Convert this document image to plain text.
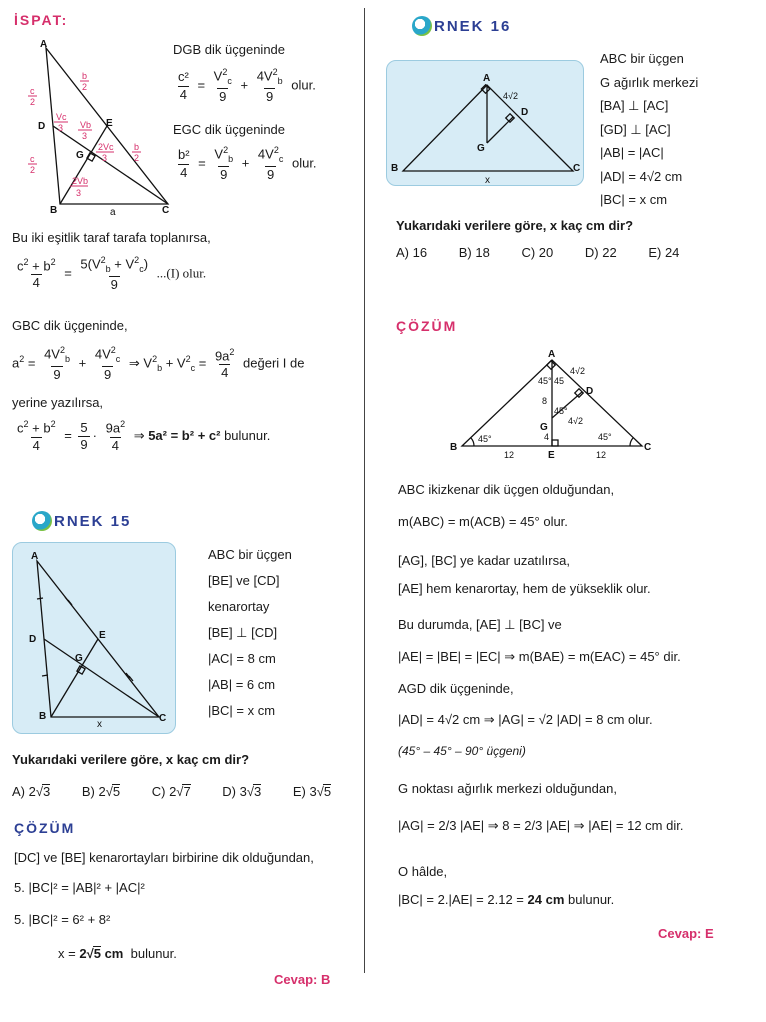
İSPAT:
A
B	C
D	E
G
a
c
2
c
2
b
2
b
2
Vc
3 Vb
3
2Vc
3
2Vb
3
DGB dik üçgeninde
$\frac{\text{c²}}{4} = \frac{V^2_c}{9} + \frac{4V^2_b}{9}$ olur.
EGC dik üçgeninde
$\frac{\text{b²}}{4} = \frac{V^2_b}{9} + \frac{4V^2_c}{9}$ olur.
Bu iki eşitlik taraf tarafa toplanırsa,
$\frac{c^2 + b^2}{4} = \frac{5(V^2_b + V^2_c)}{9} ...(I)$ olur.
GBC dik üçgeninde,
$a^2 = \frac{4V^2_b}{9} + \frac{4V^2_c}{9}$ ⇒ $V^2_b + V^2_c = \frac{9a^2}{4}$ değeri I de
yerine yazılırsa,
$\frac{c^2 + b^2}{4} = \frac{5}{9} \cdot \frac{9a^2}{4}$ ⇒ 5a² = b² + c² bulunur.
RNEK 15
A
B	C
D	E
G
x
ABC bir üçgen
[BE] ve [CD]
kenarortay
[BE] ⊥ [CD]
|AC| = 8 cm
|AB| = 6 cm
|BC| = x cm
Yukarıdaki verilere göre, x kaç cm dir?
A) 2√3 B) 2√5 C) 2√7 D) 3√3 E) 3√5
ÇÖZÜM
[DC] ve [BE] kenarortayları birbirine dik olduğundan,
5. |BC|² = |AB|² + |AC|²
5. |BC|² = 6² + 8²
x = 2√5 cm bulunur.
Cevap: B
RNEK 16
A
B	C
D
G
x
4√2
ABC bir üçgen
G ağırlık merkezi
[BA] ⊥ [AC]
[GD] ⊥ [AC]
|AB| = |AC|
|AD| = 4√2 cm
|BC| = x cm
Yukarıdaki verilere göre, x kaç cm dir?
A) 16 B) 18 C) 20 D) 22 E) 24
ÇÖZÜM
A
B	C
D
G
E
4√2
4√2
8
4
12	12
45°	45°
45° 45
45°
ABC ikizkenar dik üçgen olduğundan,
m(ABC) = m(ACB) = 45° olur.
[AG], [BC] ye kadar uzatılırsa,
[AE] hem kenarortay, hem de yükseklik olur.
Bu durumda, [AE] ⊥ [BC] ve
|AE| = |BE| = |EC| ⇒ m(BAE) = m(EAC) = 45° dir.
AGD dik üçgeninde,
|AD| = 4√2 cm ⇒ |AG| = √2 |AD| = 8 cm olur.
(45° – 45° – 90° üçgeni)
G noktası ağırlık merkezi olduğundan,
|AG| = 2/3 |AE| ⇒ 8 = 2/3 |AE| ⇒ |AE| = 12 cm dir.
O hâlde,
|BC| = 2.|AE| = 2.12 = 24 cm bulunur.
Cevap: E
